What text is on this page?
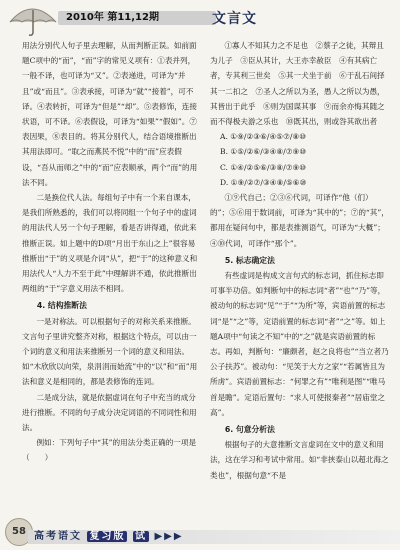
2010年 第11,12期	文言文

用法分别代人句子里去理解，从而判断正误。如前面题C项中的“而”，“而”字的常见义项有：①表并列，一般不译，也可译为“又”。②表递进，可译为“并且”或“而且”。③表承接，可译为“就”“接着”，可不译。④表转折，可译为“但是”“却”。⑤表修饰，连接状语，可不译。⑥表假设，可译为“如果”“假如”。⑦表因果，⑧表目的。将其分别代人，结合语境推断出其用法即可。“取之而燕民不悦”中的“而”应表假设，“吾从而师之”中的“而”应表顺承，两个“而”的用法不同。

二是换位代人法。每组句子中有一个来自课本，是我们所熟悉的，我们可以将同组一个句子中的虚词的用法代人另一个句子理解，看是否讲得通，依此来推断正误。如上题中的D项“月出于东山之上”很容易推断出“于”的义项是介词“从”，把“于”的这种意义和用法代人“人力不至于此”中理解讲不通，依此推断出两组的“于”字意义用法不相同。

4. 结构推断法

一是对称法。可以根据句子的对称关系来推断。文言句子里讲究整齐对称，根据这个特点，可以由一个词的意义和用法来推断另一个词的意义和用法。如“木欣欣以向荣，泉涓涓而始流”中的“以”和“而”用法和意义是相同的，都是表修饰的连词。

二是成分法，就是依据虚词在句子中充当的成分进行推断。不同的句子成分决定词语的不同词性和用法。

例如：下列句子中“其”的用法分类正确的一项是（　　）

①寡人不知其力之不足也　②蔡子之徒，其辩且为儿子　③臣从其计，大王亦幸赦臣　④有其病亡者，专其利三世矣　⑤其一犬坐于前　⑥于乱石间择其一二扣之　⑦圣人之所以为圣，愚人之所以为愚，其皆出于此乎　⑧则为国谋其事　⑨而余亦悔其随之而不得极夫游之乐也　⑩既其出，则或咎其欲出者

A. ①⑨/②③⑥/④⑤⑦/⑧⑩

B. ①⑤/②⑥/③④⑧/⑦⑨⑩

C. ①④/②⑤⑥/③⑧/⑦⑨⑩

D. ①⑨/②⑦/③④⑧/⑤⑥⑩

①⑨代自己；②③⑥代词，可译作“他（们）的”；⑤⑥用于数词前，可译为“其中的”；⑦的“其”，都用在疑问句中，都是表推测语气，可译为“大概”；④⑩代词，可译作“那个”。

5. 标志确定法

有些虚词是构成文言句式的标志词，抓住标志即可事半功倍。如判断句中的标志词“者”“也”“乃”等，被动句的标志词“见”“于”“为所”等，宾语前置的标志词“是”“之”等，定语前置的标志词“者”“之”等。如上题A项中“句读之不知”中的“之”就是宾语前置的标志。再如，判断句：“廉颇者，赵之良将也”“当立者乃公子扶苏”。被动句：“见笑于大方之家”“若属皆且为所虏”。宾语前置标志：“何罪之有”“唯利是图”“唯马首是瞻”。定语后置句：“求人可使报秦者”“居庙堂之高”。

6. 句意分析法

根据句子的大意推断文言虚词在文中的意义和用法，这在学习和考试中常用。如“非挟泰山以超北海之类也”，根据句意“不是

58 高考语文 复习版 试 ▶▶▶
